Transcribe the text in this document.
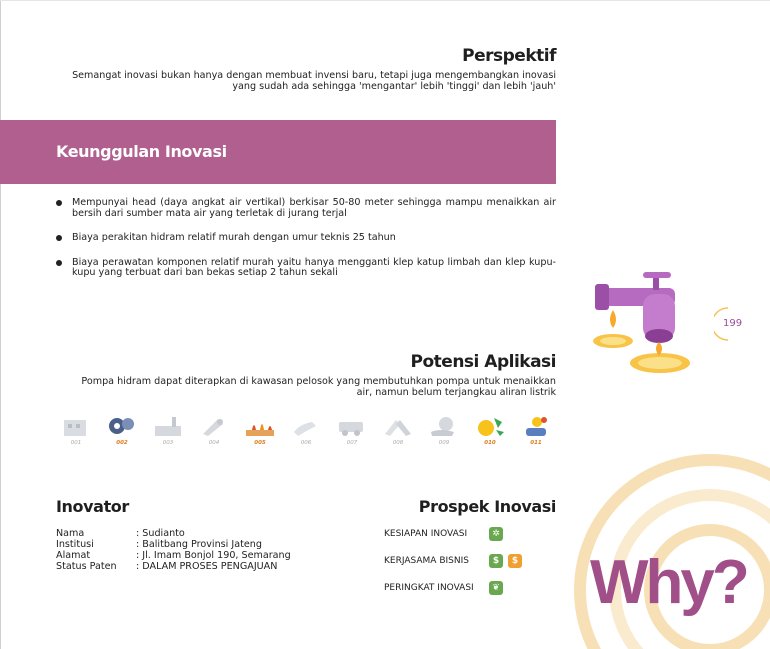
Perspektif
Semangat inovasi bukan hanya dengan membuat invensi baru, tetapi juga mengembangkan inovasi
yang sudah ada sehingga 'mengantar' lebih 'tinggi' dan lebih 'jauh'
Keunggulan Inovasi
Mempunyai head (daya angkat air vertikal) berkisar 50-80 meter sehingga mampu menaikkan air bersih dari sumber mata air yang terletak di jurang terjal
Biaya perakitan hidram relatif murah dengan umur teknis 25 tahun
Biaya perawatan komponen relatif murah yaitu hanya mengganti klep katup limbah dan klep kupu-kupu yang terbuat dari ban bekas setiap 2 tahun sekali
Potensi Aplikasi
Pompa hidram dapat diterapkan di kawasan pelosok yang membutuhkan pompa untuk menaikkan
air, namun belum terjangkau aliran listrik
001	002	003	004	005	006	007	008	009	010	011
Inovator
Nama	: Sudianto
Institusi	: Balitbang Provinsi Jateng
Alamat	: Jl. Imam Bonjol 190, Semarang
Status Paten	: DALAM PROSES PENGAJUAN
Prospek Inovasi
KESIAPAN INOVASI	✲
KERJASAMA BISNIS	$	$
PERINGKAT INOVASI	❦
199
Why?
